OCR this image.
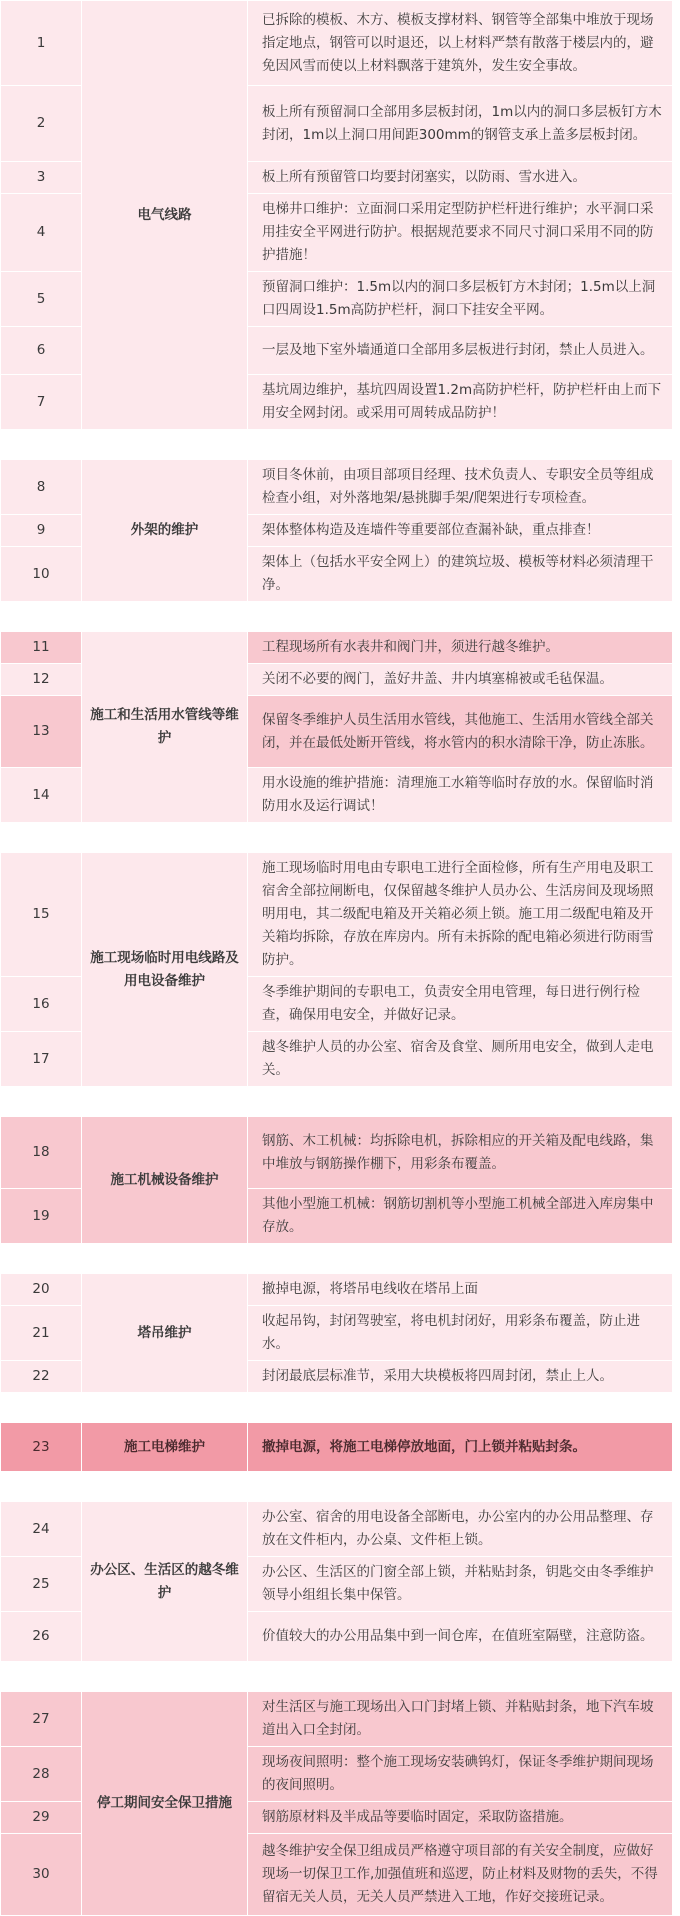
1	电气线路	已拆除的模板、木方、模板支撑材料、钢管等全部集中堆放于现场指定地点，钢管可以时退还，以上材料严禁有散落于楼层内的，避免因风雪而使以上材料飘落于建筑外，发生安全事故。
2		板上所有预留洞口全部用多层板封闭，1m以内的洞口多层板钉方木封闭，1m以上洞口用间距300mm的钢管支承上盖多层板封闭。
3		板上所有预留管口均要封闭塞实，以防雨、雪水进入。
4		电梯井口维护：立面洞口采用定型防护栏杆进行维护；水平洞口采用挂安全平网进行防护。根据规范要求不同尺寸洞口采用不同的防护措施！
5		预留洞口维护：1.5m以内的洞口多层板钉方木封闭；1.5m以上洞口四周设1.5m高防护栏杆，洞口下挂安全平网。
6		一层及地下室外墙通道口全部用多层板进行封闭，禁止人员进入。
7		基坑周边维护，基坑四周设置1.2m高防护栏杆，防护栏杆由上而下用安全网封闭。或采用可周转成品防护！
8	外架的维护	项目冬休前，由项目部项目经理、技术负责人、专职安全员等组成检查小组，对外落地架/悬挑脚手架/爬架进行专项检查。
9		架体整体构造及连墙件等重要部位查漏补缺，重点排查！
10		架体上（包括水平安全网上）的建筑垃圾、模板等材料必须清理干净。
11	施工和生活用水管线等维护	工程现场所有水表井和阀门井，须进行越冬维护。
12		关闭不必要的阀门，盖好井盖、井内填塞棉被或毛毡保温。
13		保留冬季维护人员生活用水管线，其他施工、生活用水管线全部关闭，并在最低处断开管线，将水管内的积水清除干净，防止冻胀。
14		用水设施的维护措施：清理施工水箱等临时存放的水。保留临时消防用水及运行调试！
15	施工现场临时用电线路及用电设备维护	施工现场临时用电由专职电工进行全面检修，所有生产用电及职工宿舍全部拉闸断电，仅保留越冬维护人员办公、生活房间及现场照明用电，其二级配电箱及开关箱必须上锁。施工用二级配电箱及开关箱均拆除，存放在库房内。所有未拆除的配电箱必须进行防雨雪防护。
16		冬季维护期间的专职电工，负责安全用电管理，每日进行例行检查，确保用电安全，并做好记录。
17		越冬维护人员的办公室、宿舍及食堂、厕所用电安全，做到人走电关。
18	施工机械设备维护	钢筋、木工机械：均拆除电机，拆除相应的开关箱及配电线路，集中堆放与钢筋操作棚下，用彩条布覆盖。
19		其他小型施工机械：钢筋切割机等小型施工机械全部进入库房集中存放。
20	塔吊维护	撤掉电源，将塔吊电线收在塔吊上面
21		收起吊钩，封闭驾驶室，将电机封闭好，用彩条布覆盖，防止进水。
22		封闭最底层标准节，采用大块模板将四周封闭，禁止上人。
23	施工电梯维护	撤掉电源，将施工电梯停放地面，门上锁并粘贴封条。
24	办公区、生活区的越冬维护	办公室、宿舍的用电设备全部断电，办公室内的办公用品整理、存放在文件柜内，办公桌、文件柜上锁。
25		办公区、生活区的门窗全部上锁，并粘贴封条，钥匙交由冬季维护领导小组组长集中保管。
26		价值较大的办公用品集中到一间仓库，在值班室隔壁，注意防盗。
27	停工期间安全保卫措施	对生活区与施工现场出入口门封堵上锁、并粘贴封条，地下汽车坡道出入口全封闭。
28		现场夜间照明：整个施工现场安装碘钨灯，保证冬季维护期间现场的夜间照明。
29		钢筋原材料及半成品等要临时固定，采取防盗措施。
30		越冬维护安全保卫组成员严格遵守项目部的有关安全制度，应做好现场一切保卫工作,加强值班和巡逻，防止材料及财物的丢失，不得留宿无关人员，无关人员严禁进入工地，作好交接班记录。
